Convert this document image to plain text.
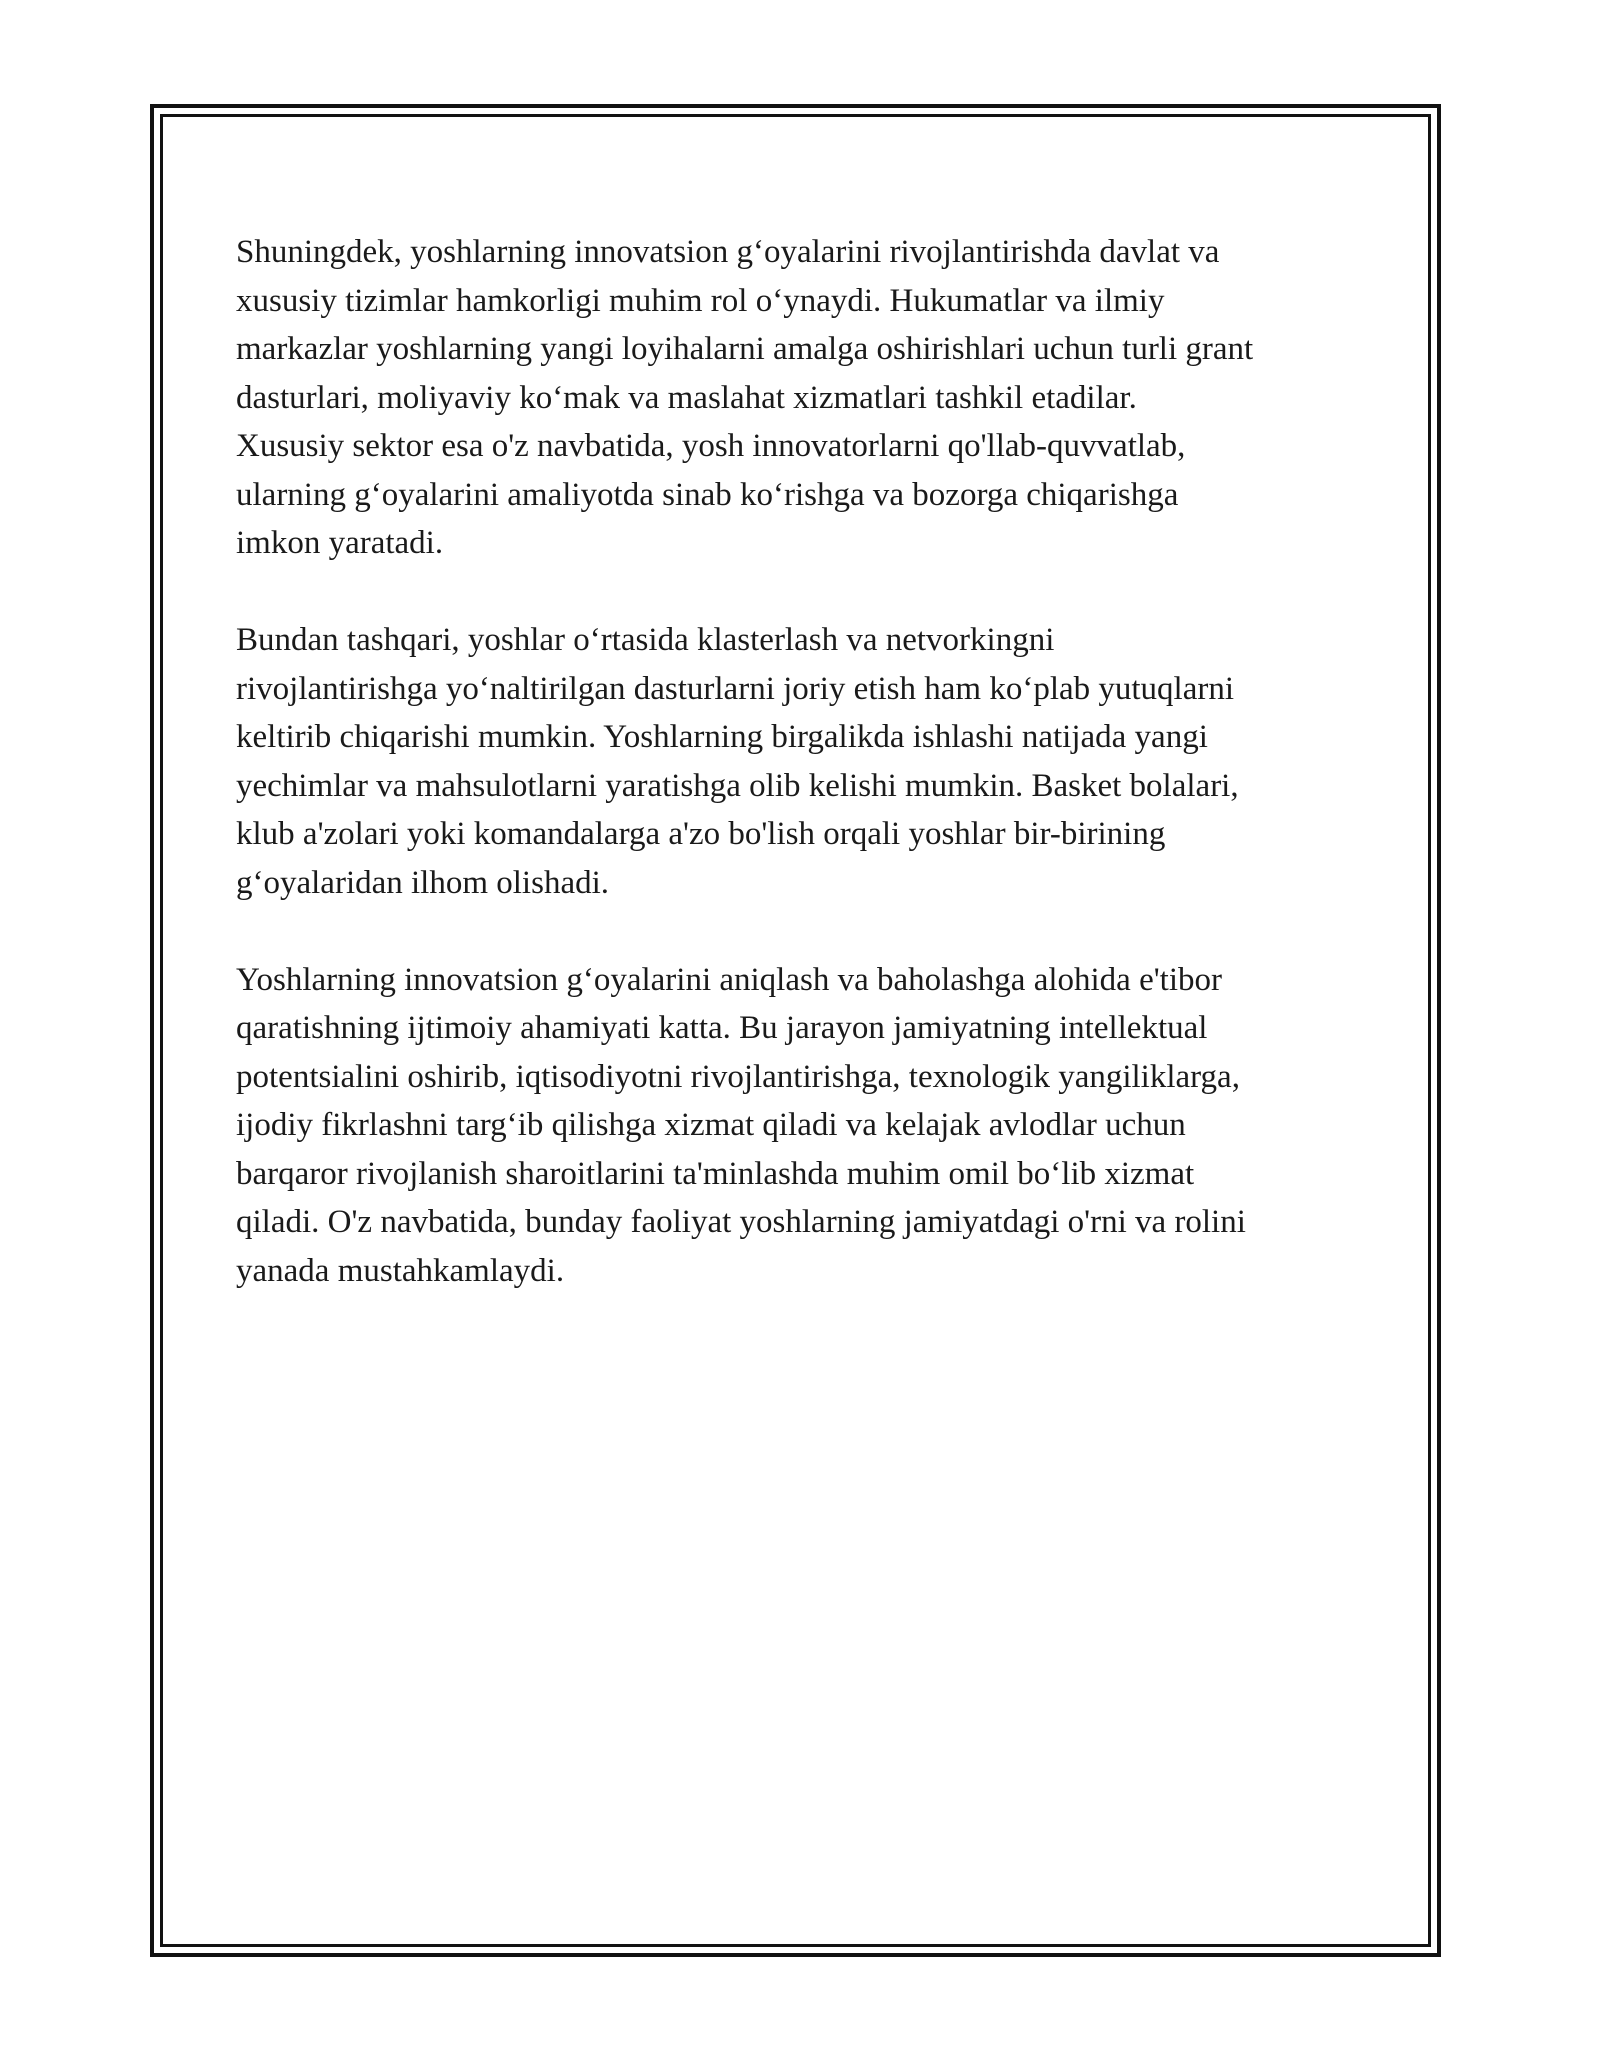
Shuningdek, yoshlarning innovatsion g‘oyalarini rivojlantirishda davlat va
xususiy tizimlar hamkorligi muhim rol o‘ynaydi. Hukumatlar va ilmiy
markazlar yoshlarning yangi loyihalarni amalga oshirishlari uchun turli grant
dasturlari, moliyaviy ko‘mak va maslahat xizmatlari tashkil etadilar.
Xususiy sektor esa o'z navbatida, yosh innovatorlarni qo'llab-quvvatlab,
ularning g‘oyalarini amaliyotda sinab ko‘rishga va bozorga chiqarishga
imkon yaratadi.

Bundan tashqari, yoshlar o‘rtasida klasterlash va netvorkingni
rivojlantirishga yo‘naltirilgan dasturlarni joriy etish ham ko‘plab yutuqlarni
keltirib chiqarishi mumkin. Yoshlarning birgalikda ishlashi natijada yangi
yechimlar va mahsulotlarni yaratishga olib kelishi mumkin. Basket bolalari,
klub a'zolari yoki komandalarga a'zo bo'lish orqali yoshlar bir-birining
g‘oyalaridan ilhom olishadi.

Yoshlarning innovatsion g‘oyalarini aniqlash va baholashga alohida e'tibor
qaratishning ijtimoiy ahamiyati katta. Bu jarayon jamiyatning intellektual
potentsialini oshirib, iqtisodiyotni rivojlantirishga, texnologik yangiliklarga,
ijodiy fikrlashni targ‘ib qilishga xizmat qiladi va kelajak avlodlar uchun
barqaror rivojlanish sharoitlarini ta'minlashda muhim omil bo‘lib xizmat
qiladi. O'z navbatida, bunday faoliyat yoshlarning jamiyatdagi o'rni va rolini
yanada mustahkamlaydi.
